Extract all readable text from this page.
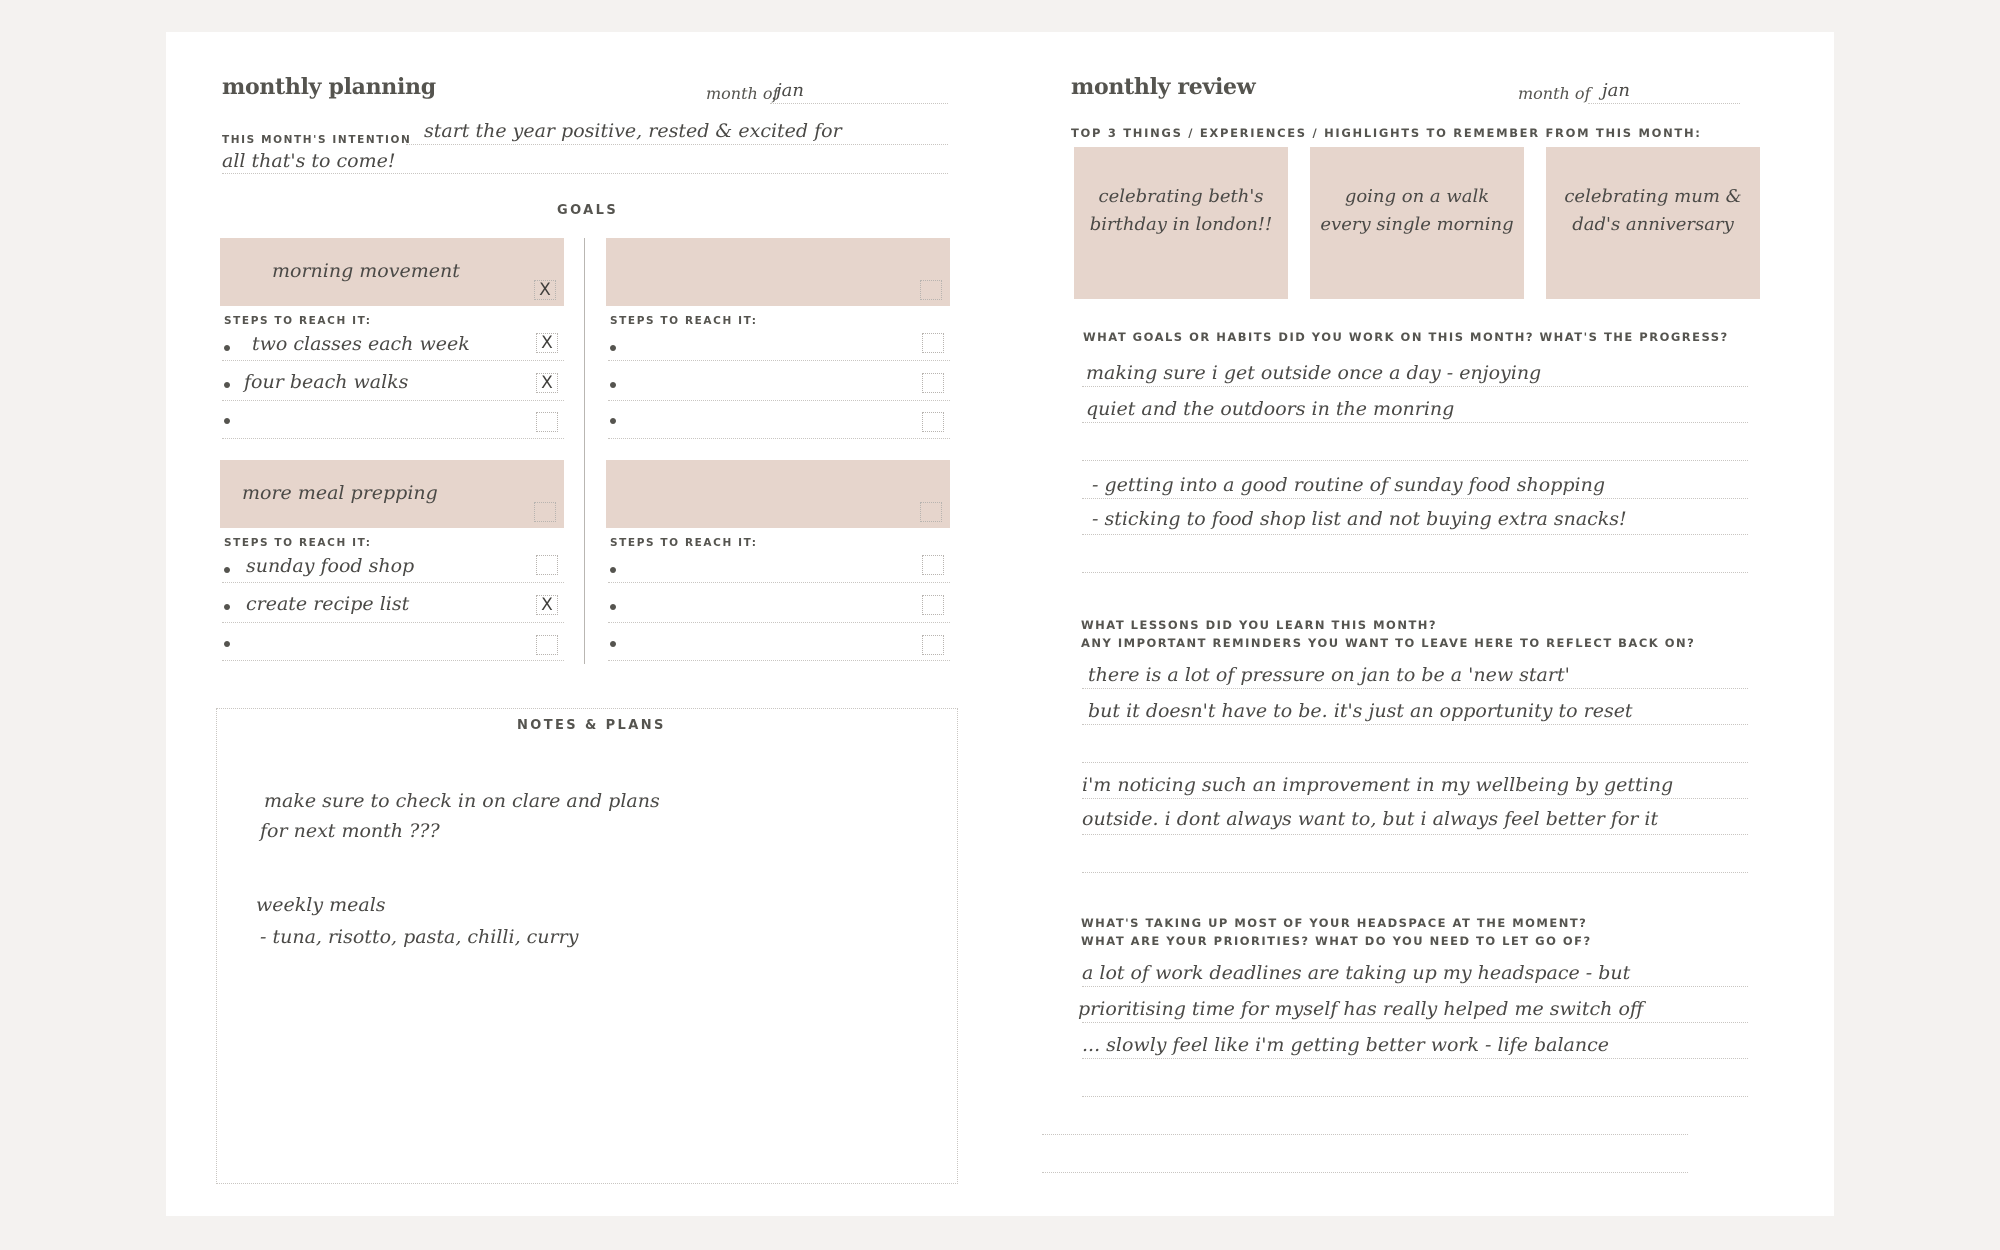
monthly planning	month of
jan
THIS MONTH'S INTENTION start the year positive, rested & excited for
all that's to come!
GOALS
morning movement
X
STEPS TO REACH IT:
two classes each week	X
four beach walks	X
STEPS TO REACH IT:
more meal prepping
STEPS TO REACH IT:
sunday food shop
create recipe list	X
STEPS TO REACH IT:
NOTES & PLANS
make sure to check in on clare and plans
for next month ???
weekly meals
- tuna, risotto, pasta, chilli, curry
monthly review	month of jan
TOP 3 THINGS / EXPERIENCES / HIGHLIGHTS TO REMEMBER FROM THIS MONTH:
celebrating beth's birthday in london!!
going on a walk every single morning
celebrating mum & dad's anniversary
WHAT GOALS OR HABITS DID YOU WORK ON THIS MONTH? WHAT'S THE PROGRESS?
making sure i get outside once a day - enjoying
quiet and the outdoors in the monring
- getting into a good routine of sunday food shopping
- sticking to food shop list and not buying extra snacks!
WHAT LESSONS DID YOU LEARN THIS MONTH?
ANY IMPORTANT REMINDERS YOU WANT TO LEAVE HERE TO REFLECT BACK ON?
there is a lot of pressure on jan to be a 'new start'
but it doesn't have to be. it's just an opportunity to reset
i'm noticing such an improvement in my wellbeing by getting
outside. i dont always want to, but i always feel better for it
WHAT'S TAKING UP MOST OF YOUR HEADSPACE AT THE MOMENT?
WHAT ARE YOUR PRIORITIES? WHAT DO YOU NEED TO LET GO OF?
a lot of work deadlines are taking up my headspace - but
prioritising time for myself has really helped me switch off
... slowly feel like i'm getting better work - life balance
